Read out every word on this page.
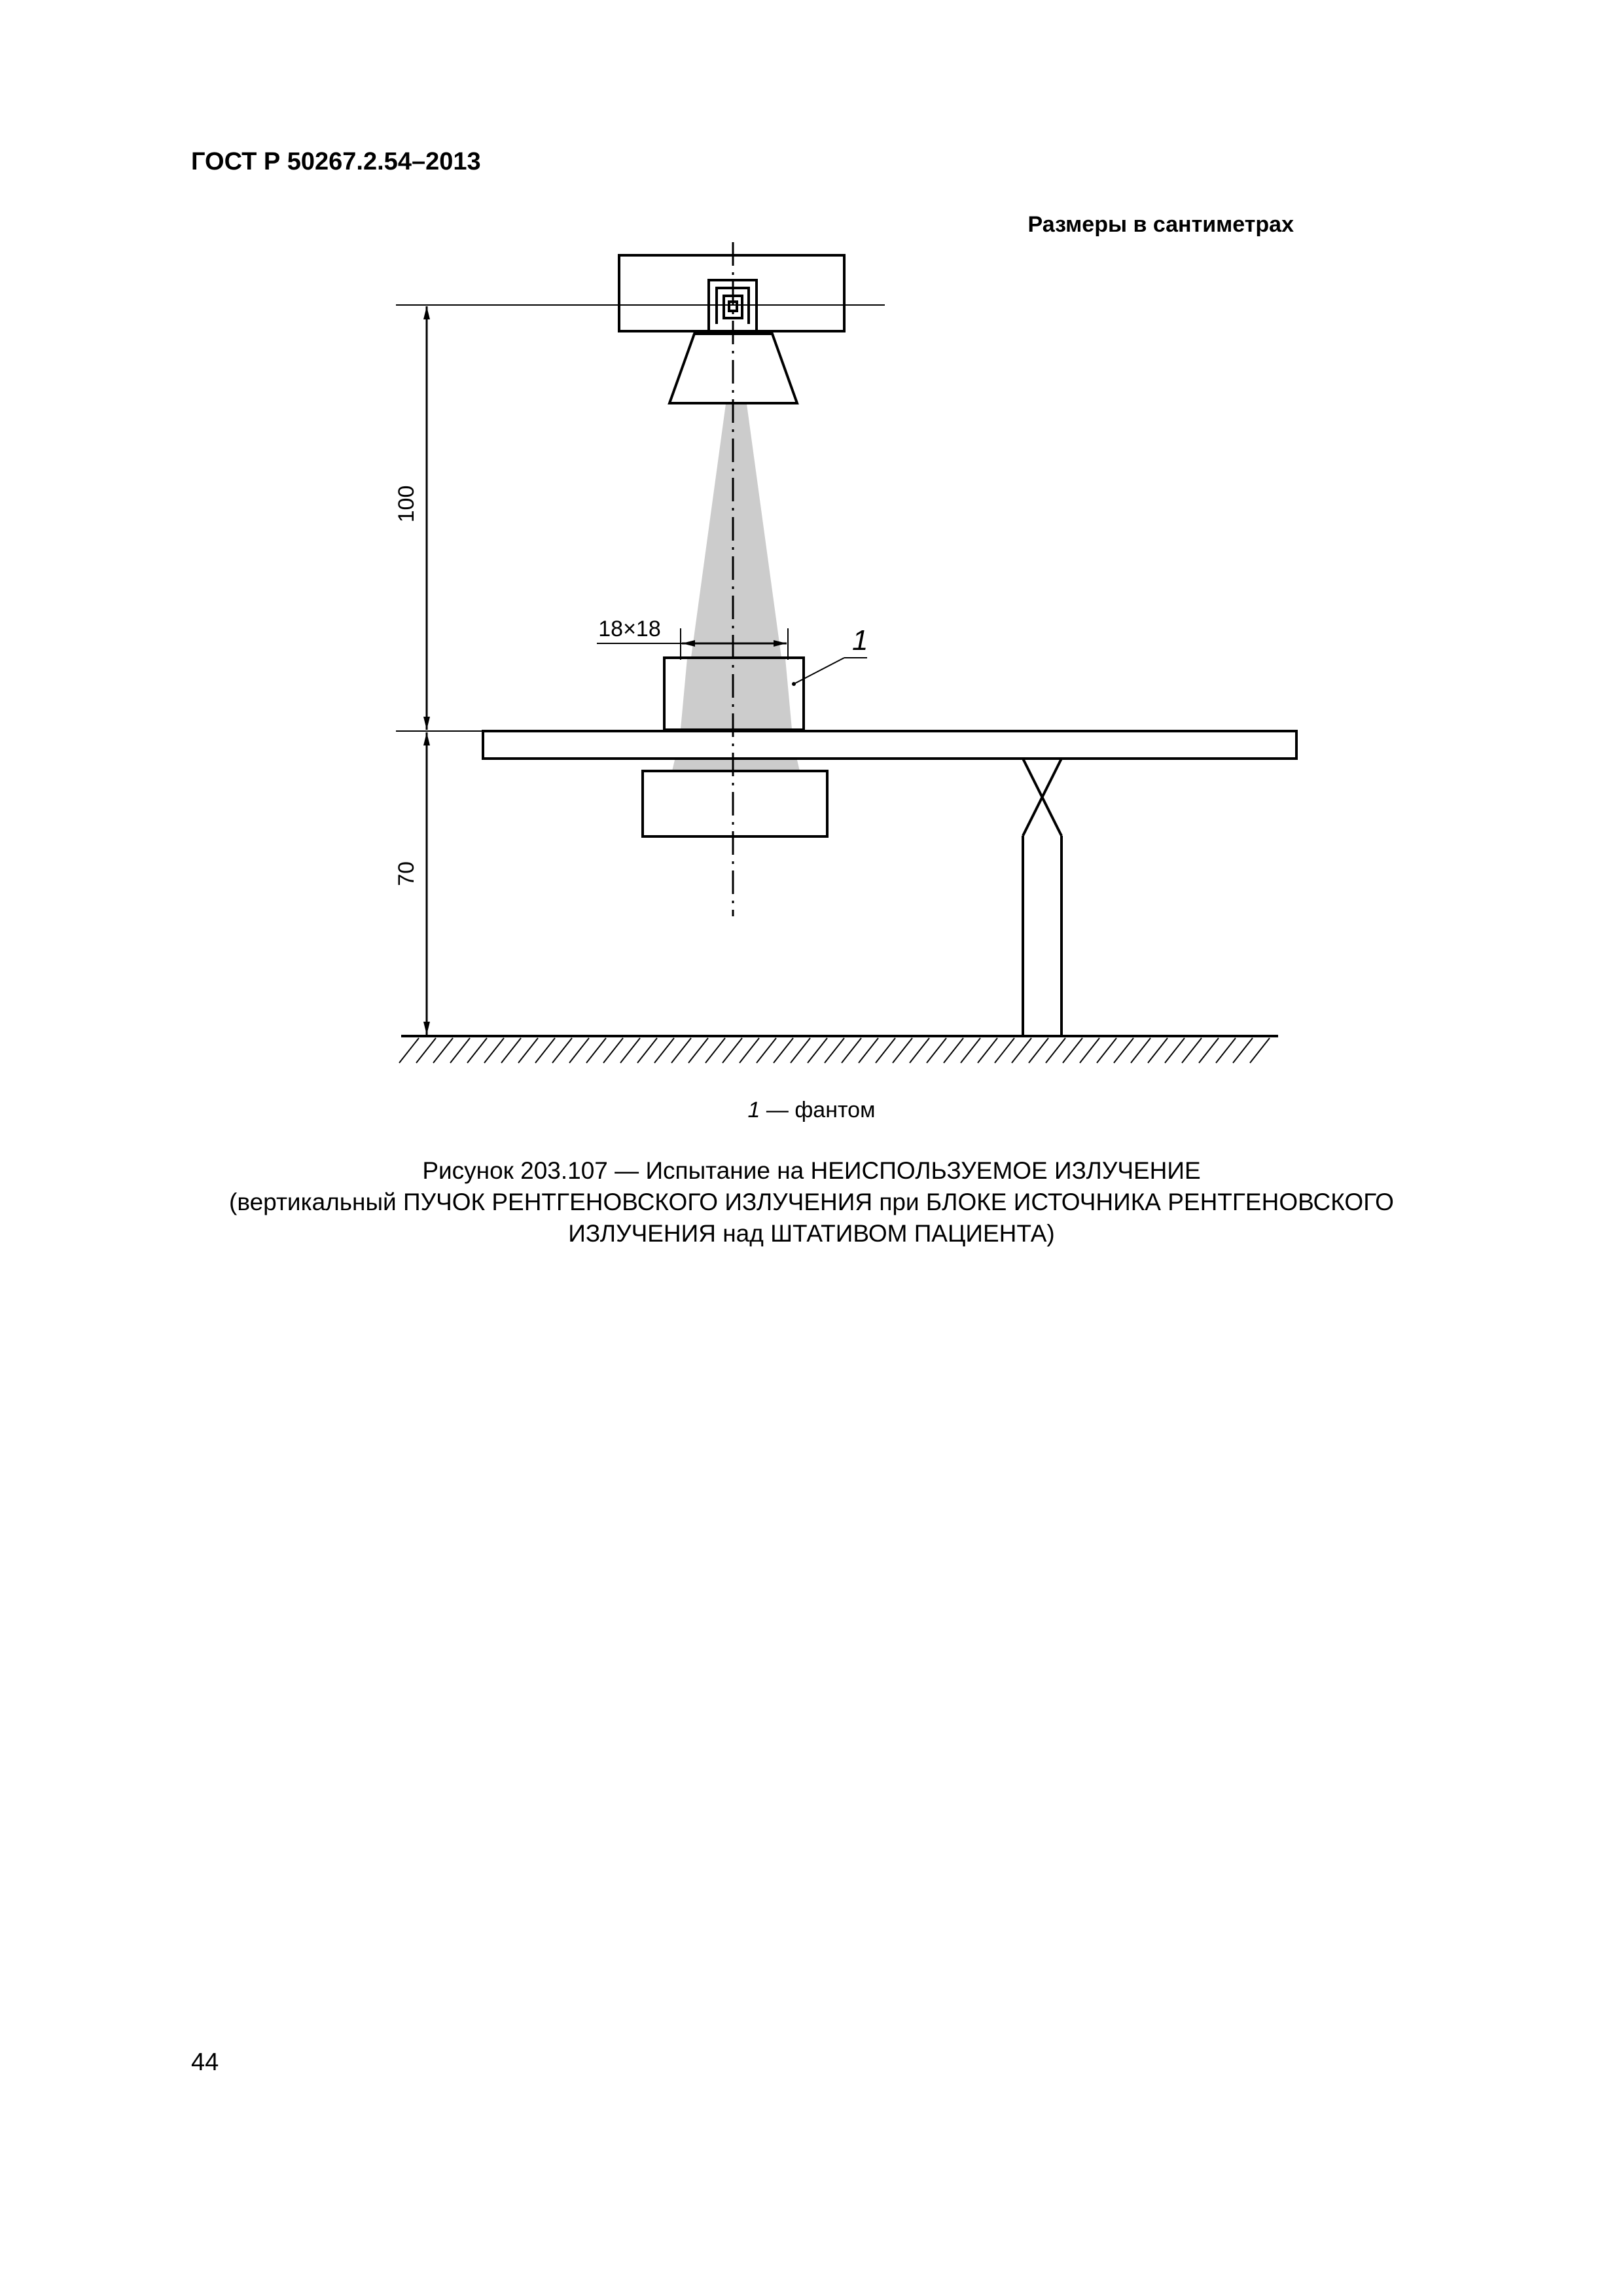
ГОСТ Р 50267.2.54–2013
Размеры в сантиметрах
100
70
18×18	1
1 — фантом
Рисунок 203.107 — Испытание на НЕИСПОЛЬЗУЕМОЕ ИЗЛУЧЕНИЕ
(вертикальный ПУЧОК РЕНТГЕНОВСКОГО ИЗЛУЧЕНИЯ при БЛОКЕ ИСТОЧНИКА РЕНТГЕНОВСКОГО
ИЗЛУЧЕНИЯ над ШТАТИВОМ ПАЦИЕНТА)
44
